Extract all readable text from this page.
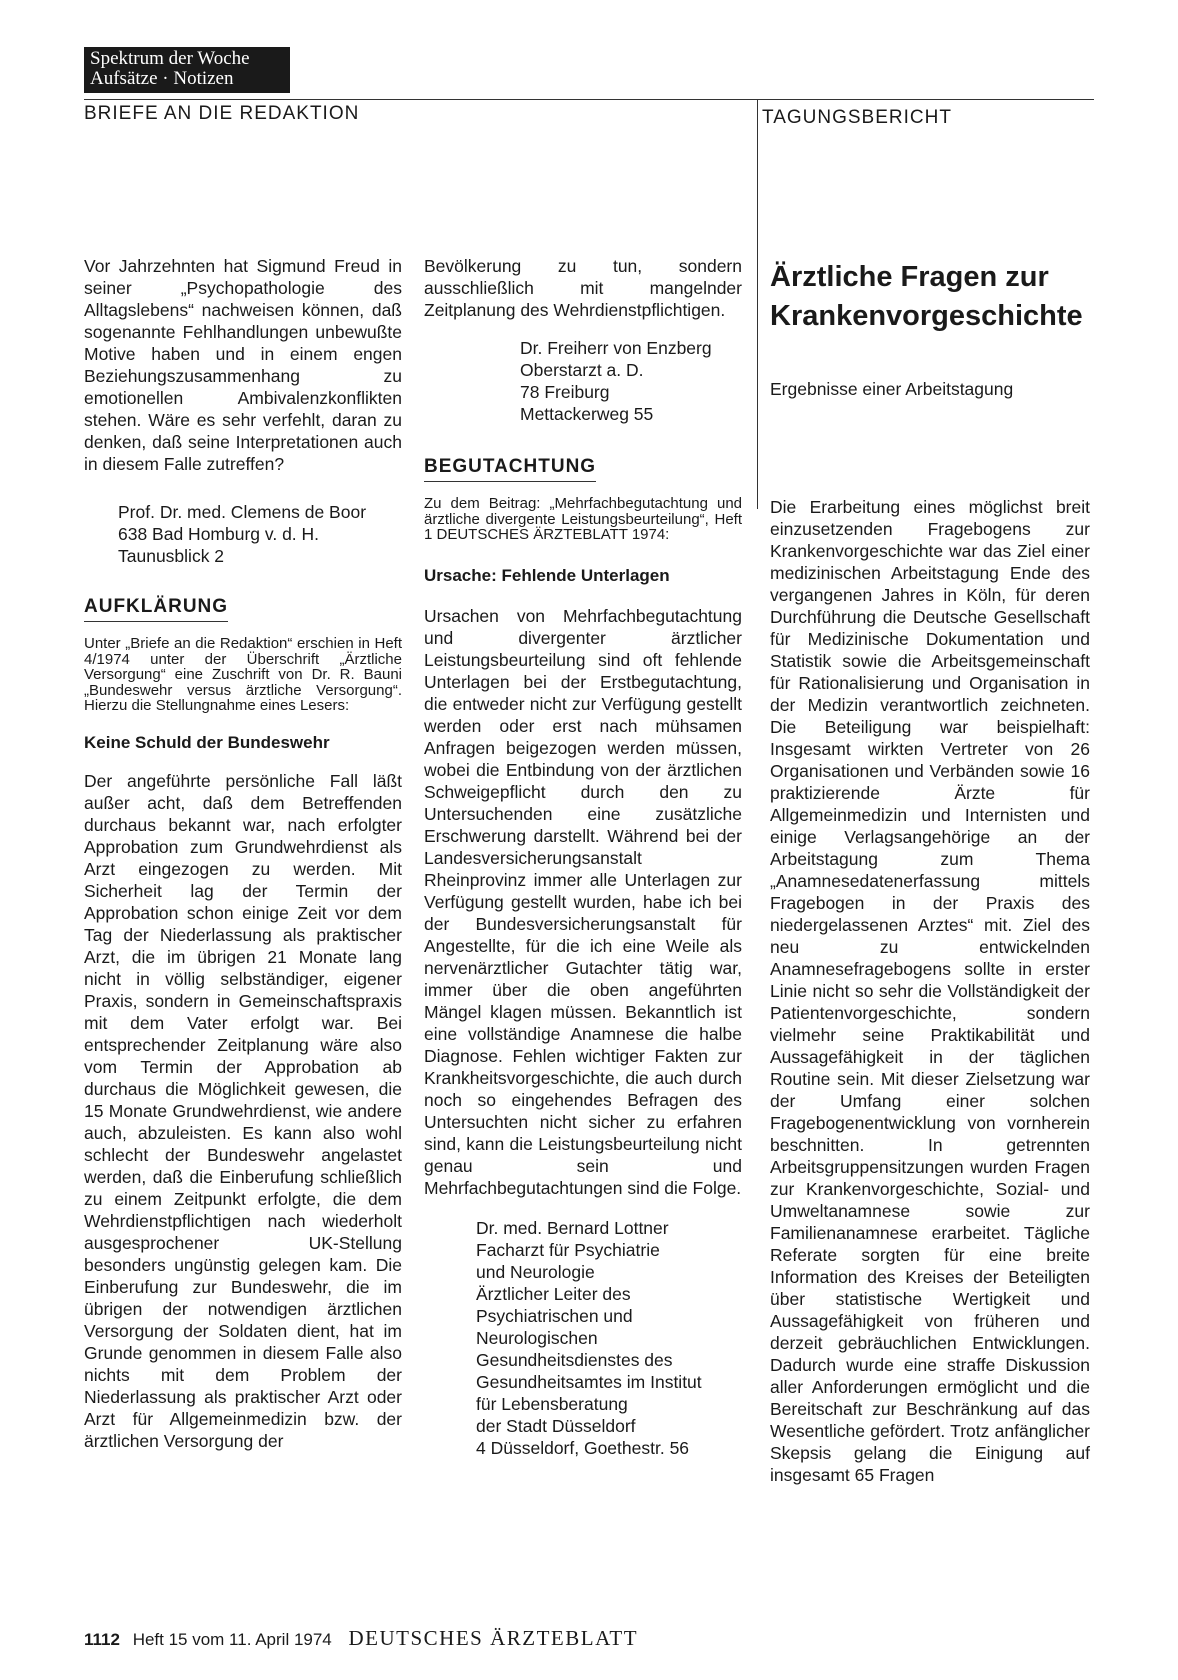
Spektrum der Woche
Aufsätze · Notizen
BRIEFE AN DIE REDAKTION	TAGUNGSBERICHT

Vor Jahrzehnten hat Sigmund Freud in seiner „Psychopathologie des Alltagslebens“ nachweisen können, daß sogenannte Fehlhandlungen unbewußte Motive haben und in einem engen Beziehungszusammenhang zu emotionellen Ambivalenzkonflikten stehen. Wäre es sehr verfehlt, daran zu denken, daß seine Interpretationen auch in diesem Falle zutreffen?

Prof. Dr. med. Clemens de Boor
638 Bad Homburg v. d. H.
Taunusblick 2
AUFKLÄRUNG

Unter „Briefe an die Redaktion“ erschien in Heft 4/1974 unter der Überschrift „Ärztliche Versorgung“ eine Zuschrift von Dr. R. Bauni „Bundeswehr versus ärztliche Versorgung“. Hierzu die Stellungnahme eines Lesers:

Keine Schuld der Bundeswehr

Der angeführte persönliche Fall läßt außer acht, daß dem Betreffenden durchaus bekannt war, nach erfolgter Approbation zum Grundwehrdienst als Arzt eingezogen zu werden. Mit Sicherheit lag der Termin der Approbation schon einige Zeit vor dem Tag der Niederlassung als praktischer Arzt, die im übrigen 21 Monate lang nicht in völlig selbständiger, eigener Praxis, sondern in Gemeinschaftspraxis mit dem Vater erfolgt war. Bei entsprechender Zeitplanung wäre also vom Termin der Approbation ab durchaus die Möglichkeit gewesen, die 15 Monate Grundwehrdienst, wie andere auch, abzuleisten. Es kann also wohl schlecht der Bundeswehr angelastet werden, daß die Einberufung schließlich zu einem Zeitpunkt erfolgte, die dem Wehrdienstpflichtigen nach wiederholt ausgesprochener UK-Stellung besonders ungünstig gelegen kam. Die Einberufung zur Bundeswehr, die im übrigen der notwendigen ärztlichen Versorgung der Soldaten dient, hat im Grunde genommen in diesem Falle also nichts mit dem Problem der Niederlassung als praktischer Arzt oder Arzt für Allgemeinmedizin bzw. der ärztlichen Versorgung der

Bevölkerung zu tun, sondern ausschließlich mit mangelnder Zeitplanung des Wehrdienstpflichtigen.

Dr. Freiherr von Enzberg
Oberstarzt a. D.
78 Freiburg
Mettackerweg 55
BEGUTACHTUNG

Zu dem Beitrag: „Mehrfachbegutachtung und ärztliche divergente Leistungsbeurteilung“, Heft 1 DEUTSCHES ÄRZTEBLATT 1974:

Ursache: Fehlende Unterlagen

Ursachen von Mehrfachbegutachtung und divergenter ärztlicher Leistungsbeurteilung sind oft fehlende Unterlagen bei der Erstbegutachtung, die entweder nicht zur Verfügung gestellt werden oder erst nach mühsamen Anfragen beigezogen werden müssen, wobei die Entbindung von der ärztlichen Schweigepflicht durch den zu Untersuchenden eine zusätzliche Erschwerung darstellt. Während bei der Landesversicherungsanstalt Rheinprovinz immer alle Unterlagen zur Verfügung gestellt wurden, habe ich bei der Bundesversicherungsanstalt für Angestellte, für die ich eine Weile als nervenärztlicher Gutachter tätig war, immer über die oben angeführten Mängel klagen müssen. Bekanntlich ist eine vollständige Anamnese die halbe Diagnose. Fehlen wichtiger Fakten zur Krankheitsvorgeschichte, die auch durch noch so eingehendes Befragen des Untersuchten nicht sicher zu erfahren sind, kann die Leistungsbeurteilung nicht genau sein und Mehrfachbegutachtungen sind die Folge.

Dr. med. Bernard Lottner
Facharzt für Psychiatrie
und Neurologie
Ärztlicher Leiter des
Psychiatrischen und
Neurologischen
Gesundheitsdienstes des
Gesundheitsamtes im Institut
für Lebensberatung
der Stadt Düsseldorf
4 Düsseldorf, Goethestr. 56
Ärztliche Fragen zur
Krankenvorgeschichte

Ergebnisse einer Arbeitstagung

Die Erarbeitung eines möglichst breit einzusetzenden Fragebogens zur Krankenvorgeschichte war das Ziel einer medizinischen Arbeitstagung Ende des vergangenen Jahres in Köln, für deren Durchführung die Deutsche Gesellschaft für Medizinische Dokumentation und Statistik sowie die Arbeitsgemeinschaft für Rationalisierung und Organisation in der Medizin verantwortlich zeichneten. Die Beteiligung war beispielhaft: Insgesamt wirkten Vertreter von 26 Organisationen und Verbänden sowie 16 praktizierende Ärzte für Allgemeinmedizin und Internisten und einige Verlagsangehörige an der Arbeitstagung zum Thema „Anamnesedatenerfassung mittels Fragebogen in der Praxis des niedergelassenen Arztes“ mit. Ziel des neu zu entwickelnden Anamnesefragebogens sollte in erster Linie nicht so sehr die Vollständigkeit der Patientenvorgeschichte, sondern vielmehr seine Praktikabilität und Aussagefähigkeit in der täglichen Routine sein. Mit dieser Zielsetzung war der Umfang einer solchen Fragebogenentwicklung von vornherein beschnitten. In getrennten Arbeitsgruppensitzungen wurden Fragen zur Krankenvorgeschichte, Sozial- und Umweltanamnese sowie zur Familienanamnese erarbeitet. Tägliche Referate sorgten für eine breite Information des Kreises der Beteiligten über statistische Wertigkeit und Aussagefähigkeit von früheren und derzeit gebräuchlichen Entwicklungen. Dadurch wurde eine straffe Diskussion aller Anforderungen ermöglicht und die Bereitschaft zur Beschränkung auf das Wesentliche gefördert. Trotz anfänglicher Skepsis gelang die Einigung auf insgesamt 65 Fragen

1112 Heft 15 vom 11. April 1974 DEUTSCHES ÄRZTEBLATT
